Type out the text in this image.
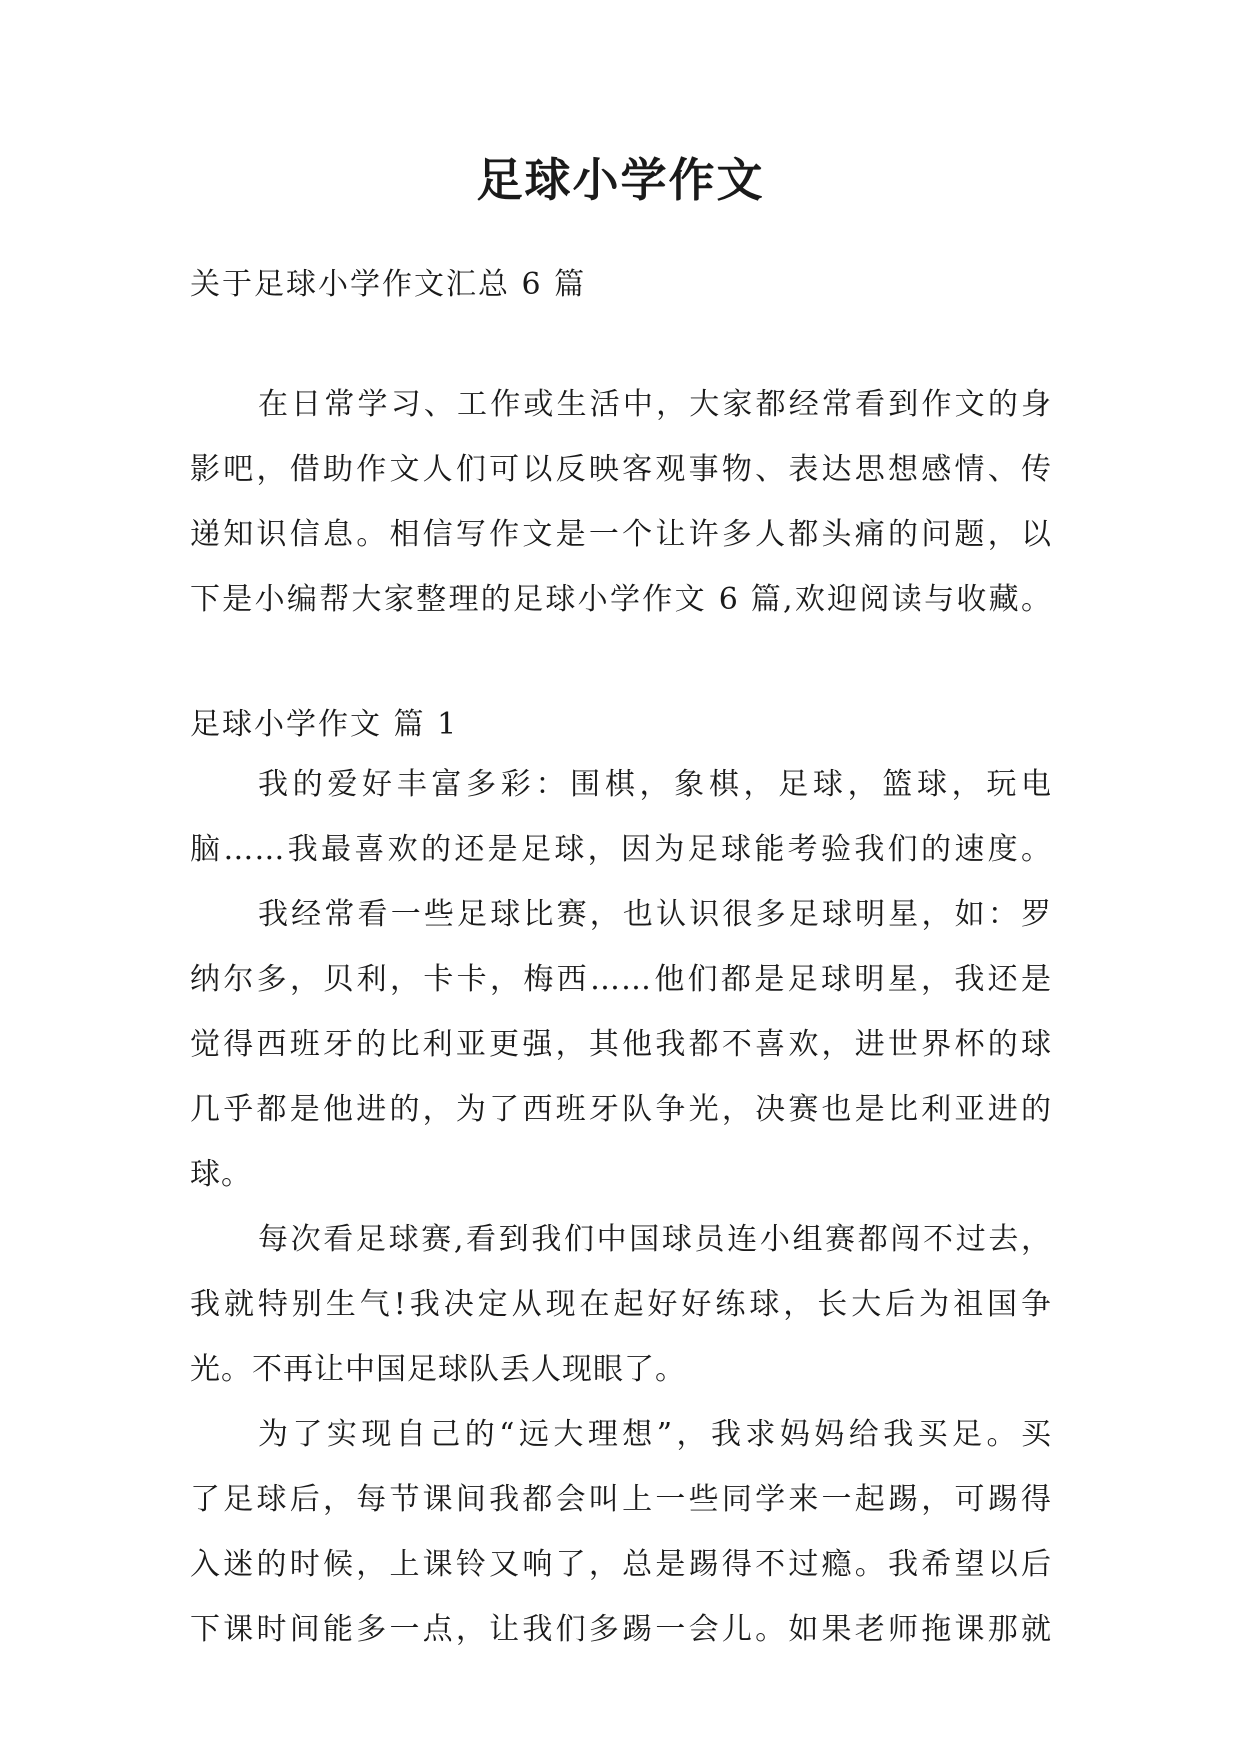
足球小学作文

关于足球小学作文汇总 6 篇

在日常学习、工作或生活中，大家都经常看到作文的身
影吧，借助作文人们可以反映客观事物、表达思想感情、传
递知识信息。相信写作文是一个让许多人都头痛的问题，以
下是小编帮大家整理的足球小学作文 6 篇,欢迎阅读与收藏。

足球小学作文 篇 1

我的爱好丰富多彩：围棋，象棋，足球，篮球，玩电
脑……我最喜欢的还是足球，因为足球能考验我们的速度。
我经常看一些足球比赛，也认识很多足球明星，如：罗
纳尔多，贝利，卡卡，梅西……他们都是足球明星，我还是
觉得西班牙的比利亚更强，其他我都不喜欢，进世界杯的球
几乎都是他进的，为了西班牙队争光，决赛也是比利亚进的
球。
每次看足球赛,看到我们中国球员连小组赛都闯不过去，
我就特别生气!我决定从现在起好好练球，长大后为祖国争
光。不再让中国足球队丢人现眼了。
为了实现自己的“远大理想”，我求妈妈给我买足。买
了足球后，每节课间我都会叫上一些同学来一起踢，可踢得
入迷的时候，上课铃又响了，总是踢得不过瘾。我希望以后
下课时间能多一点，让我们多踢一会儿。如果老师拖课那就
